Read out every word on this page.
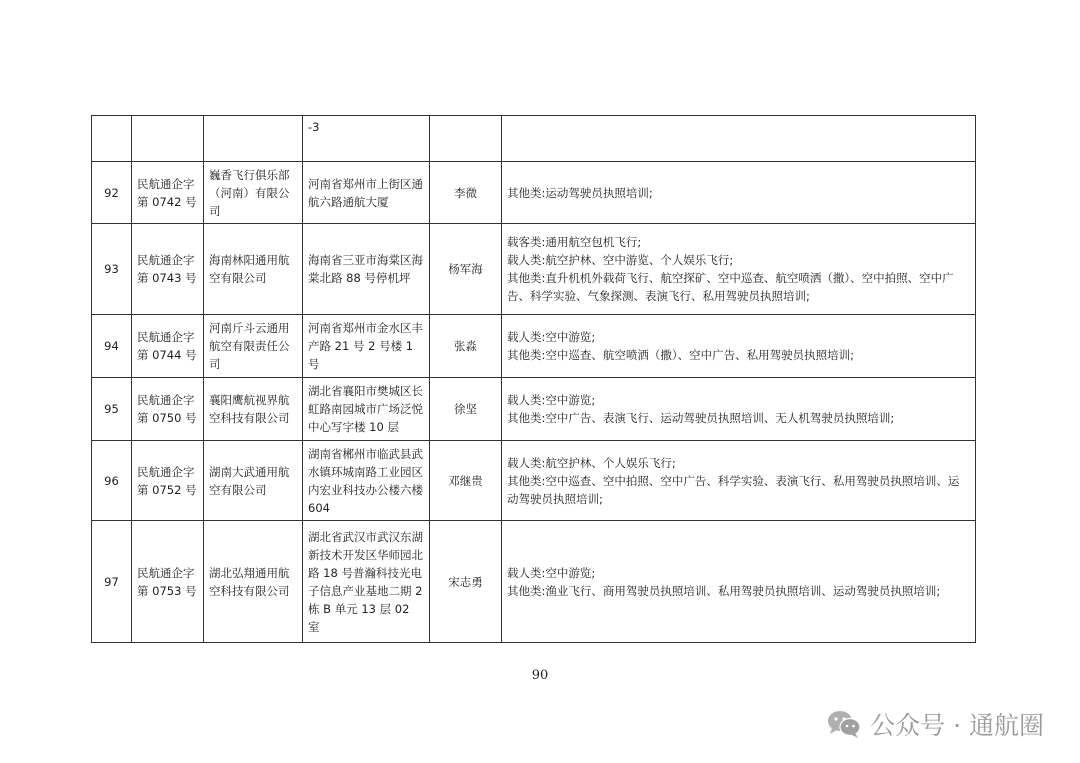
			-3		
92	民航通企字第 0742 号	巍香飞行俱乐部（河南）有限公司	河南省郑州市上街区通航六路通航大厦	李微	其他类:运动驾驶员执照培训;

93	民航通企字第 0743 号	海南林阳通用航空有限公司	海南省三亚市海棠区海棠北路 88 号停机坪	杨军海	载客类:通用航空包机飞行;
载人类:航空护林、空中游览、个人娱乐飞行;
其他类:直升机机外载荷飞行、航空探矿、空中巡查、航空喷洒（撒）、空中拍照、空中广告、科学实验、气象探测、表演飞行、私用驾驶员执照培训;

94	民航通企字第 0744 号	河南斤斗云通用航空有限责任公司	河南省郑州市金水区丰产路 21 号 2 号楼 1 号	张淼	载人类:空中游览;
其他类:空中巡查、航空喷洒（撒）、空中广告、私用驾驶员执照培训;

95	民航通企字第 0750 号	襄阳鹰航视界航空科技有限公司	湖北省襄阳市樊城区长虹路南园城市广场泛悦中心写字楼 10 层	徐坚	载人类:空中游览;
其他类:空中广告、表演飞行、运动驾驶员执照培训、无人机驾驶员执照培训;

96	民航通企字第 0752 号	湖南大武通用航空有限公司	湖南省郴州市临武县武水镇环城南路工业园区内宏业科技办公楼六楼 604	邓继贵	载人类:航空护林、个人娱乐飞行;
其他类:空中巡查、空中拍照、空中广告、科学实验、表演飞行、私用驾驶员执照培训、运动驾驶员执照培训;

97	民航通企字第 0753 号	湖北弘翔通用航空科技有限公司	湖北省武汉市武汉东湖新技术开发区华师园北路 18 号普瀚科技光电子信息产业基地二期 2 栋 B 单元 13 层 02 室	宋志勇	载人类:空中游览;
其他类:渔业飞行、商用驾驶员执照培训、私用驾驶员执照培训、运动驾驶员执照培训;
90
公众号 · 通航圈
